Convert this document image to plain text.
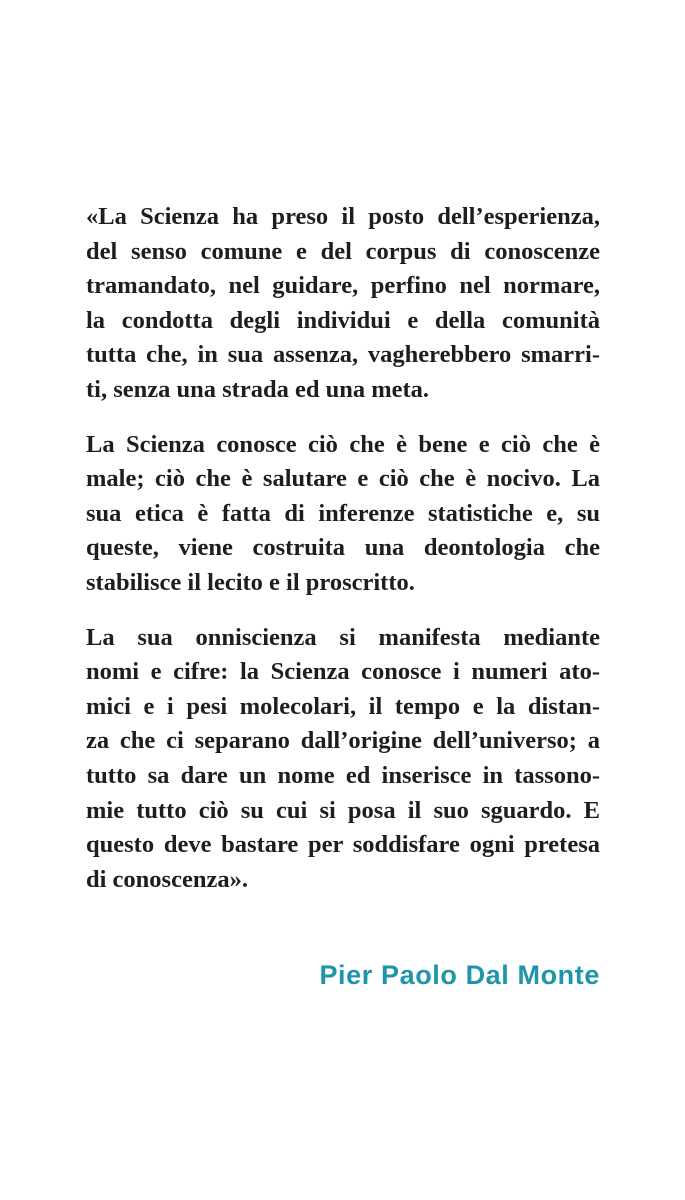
«La Scienza ha preso il posto dell’esperienza,
del senso comune e del corpus di conoscenze
tramandato, nel guidare, perfino nel normare,
la condotta degli individui e della comunità
tutta che, in sua assenza, vagherebbero smarri-
ti, senza una strada ed una meta.

La Scienza conosce ciò che è bene e ciò che è
male; ciò che è salutare e ciò che è nocivo. La
sua etica è fatta di inferenze statistiche e, su
queste, viene costruita una deontologia che
stabilisce il lecito e il proscritto.

La sua onniscienza si manifesta mediante
nomi e cifre: la Scienza conosce i numeri ato-
mici e i pesi molecolari, il tempo e la distan-
za che ci separano dall’origine dell’universo; a
tutto sa dare un nome ed inserisce in tassono-
mie tutto ciò su cui si posa il suo sguardo. E
questo deve bastare per soddisfare ogni pretesa
di conoscenza».

Pier Paolo Dal Monte
